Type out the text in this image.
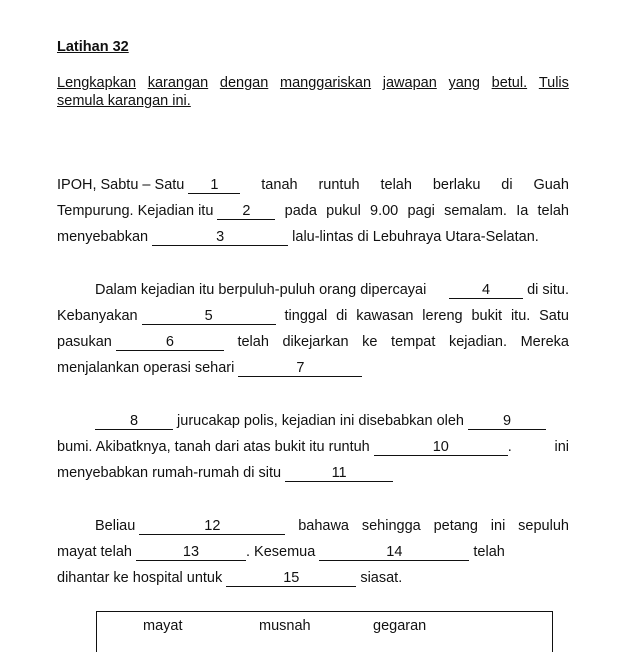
Latihan 32
Lengkapkan karangan dengan manggariskan jawapan yang betul. Tulis
semula karangan ini.
IPOH, Sabtu – Satu 1	tanah runtuh telah berlaku di Guah
Tempurung. Kejadian itu 2	pada pukul 9.00 pagi semalam. Ia telah
menyebabkan	3	lalu-lintas di Lebuhraya Utara-Selatan.
Dalam kejadian itu berpuluh-puluh orang dipercayai	4	di situ.
Kebanyakan	5	tinggal di kawasan lereng bukit itu. Satu
pasukan	6	telah dikejarkan ke tempat kejadian. Mereka
menjalankan operasi sehari	7
8	jurucakap polis, kejadian ini disebabkan oleh	9
bumi. Akibatknya, tanah dari atas bukit itu runtuh	10	.	ini
menyebabkan rumah-rumah di situ	11
Beliau	12	bahawa sehingga petang ini sepuluh
mayat telah	13	. Kesemua	14	telah
dihantar ke hospital untuk	15	siasat.
mayat	musnah	gegaran
